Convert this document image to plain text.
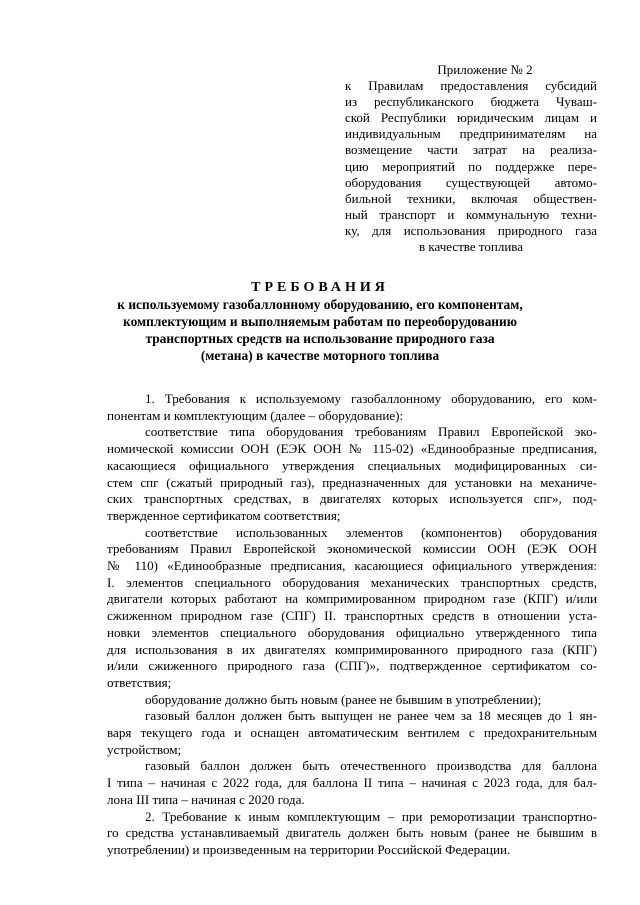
Приложение № 2
к Правилам предоставления субсидий
из республиканского бюджета Чуваш-
ской Республики юридическим лицам и
индивидуальным предпринимателям на
возмещение части затрат на реализа-
цию мероприятий по поддержке пере-
оборудования существующей автомо-
бильной техники, включая обществен-
ный транспорт и коммунальную техни-
ку, для использования природного газа
в качестве топлива
ТРЕБОВАНИЯ
к используемому газобаллонному оборудованию, его компонентам,
комплектующим и выполняемым работам по переоборудованию
транспортных средств на использование природного газа
(метана) в качестве моторного топлива
1. Требования к используемому газобаллонному оборудованию, его ком-
понентам и комплектующим (далее – оборудование):
соответствие типа оборудования требованиям Правил Европейской эко-
номической комиссии ООН (ЕЭК ООН № 115-02) «Единообразные предписания,
касающиеся официального утверждения специальных модифицированных си-
стем спг (сжатый природный газ), предназначенных для установки на механиче-
ских транспортных средствах, в двигателях которых используется спг», под-
твержденное сертификатом соответствия;
соответствие использованных элементов (компонентов) оборудования
требованиям Правил Европейской экономической комиссии ООН (ЕЭК ООН
№ 110) «Единообразные предписания, касающиеся официального утверждения:
I. элементов специального оборудования механических транспортных средств,
двигатели которых работают на компримированном природном газе (КПГ) и/или
сжиженном природном газе (СПГ) II. транспортных средств в отношении уста-
новки элементов специального оборудования официально утвержденного типа
для использования в их двигателях компримированного природного газа (КПГ)
и/или сжиженного природного газа (СПГ)», подтвержденное сертификатом со-
ответствия;
оборудование должно быть новым (ранее не бывшим в употреблении);
газовый баллон должен быть выпущен не ранее чем за 18 месяцев до 1 ян-
варя текущего года и оснащен автоматическим вентилем с предохранительным
устройством;
газовый баллон должен быть отечественного производства для баллона
I типа – начиная с 2022 года, для баллона II типа – начиная с 2023 года, для бал-
лона III типа – начиная с 2020 года.
2. Требование к иным комплектующим – при реморотизации транспортно-
го средства устанавливаемый двигатель должен быть новым (ранее не бывшим в
употреблении) и произведенным на территории Российской Федерации.
